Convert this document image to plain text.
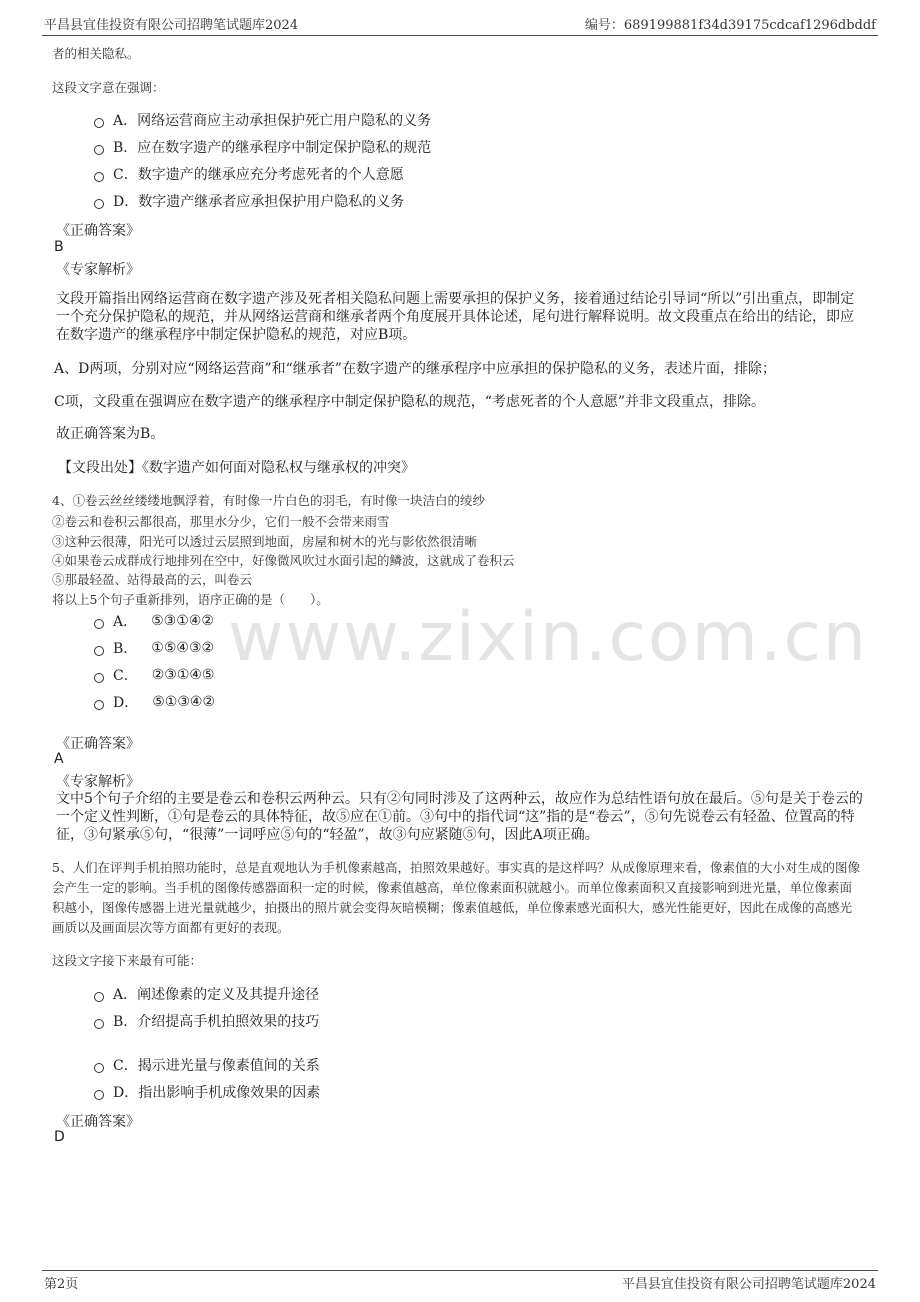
www.zixin.com.cn
平昌县宜佳投资有限公司招聘笔试题库2024	编号：689199881f34d39175cdcaf1296dbddf
者的相关隐私。
这段文字意在强调：
A． 网络运营商应主动承担保护死亡用户隐私的义务
B． 应在数字遗产的继承程序中制定保护隐私的规范
C． 数字遗产的继承应充分考虑死者的个人意愿
D． 数字遗产继承者应承担保护用户隐私的义务
《正确答案》
B
《专家解析》
文段开篇指出网络运营商在数字遗产涉及死者相关隐私问题上需要承担的保护义务，接着通过结论引导词“所以”引出重点，即制定一个充分保护隐私的规范，并从网络运营商和继承者两个角度展开具体论述，尾句进行解释说明。故文段重点在给出的结论，即应在数字遗产的继承程序中制定保护隐私的规范，对应B项。
A、D两项，分别对应“网络运营商”和“继承者”在数字遗产的继承程序中应承担的保护隐私的义务，表述片面，排除；
C项，文段重在强调应在数字遗产的继承程序中制定保护隐私的规范，“考虑死者的个人意愿”并非文段重点，排除。
故正确答案为B。
【文段出处】《数字遗产如何面对隐私权与继承权的冲突》
4、①卷云丝丝缕缕地飘浮着，有时像一片白色的羽毛，有时像一块洁白的绫纱
②卷云和卷积云都很高，那里水分少，它们一般不会带来雨雪
③这种云很薄，阳光可以透过云层照到地面，房屋和树木的光与影依然很清晰
④如果卷云成群成行地排列在空中，好像微风吹过水面引起的鳞波，这就成了卷积云
⑤那最轻盈、站得最高的云，叫卷云
将以上5个句子重新排列，语序正确的是（　　）。
A． ⑤③①④②
B． ①⑤④③②
C． ②③①④⑤
D． ⑤①③④②
《正确答案》
A
《专家解析》
文中5个句子介绍的主要是卷云和卷积云两种云。只有②句同时涉及了这两种云，故应作为总结性语句放在最后。⑤句是关于卷云的一个定义性判断，①句是卷云的具体特征，故⑤应在①前。③句中的指代词“这”指的是“卷云”，⑤句先说卷云有轻盈、位置高的特征，③句紧承⑤句，“很薄”一词呼应⑤句的“轻盈”，故③句应紧随⑤句，因此A项正确。
5、人们在评判手机拍照功能时，总是直观地认为手机像素越高，拍照效果越好。事实真的是这样吗？从成像原理来看，像素值的大小对生成的图像会产生一定的影响。当手机的图像传感器面积一定的时候，像素值越高，单位像素面积就越小。而单位像素面积又直接影响到进光量，单位像素面积越小，图像传感器上进光量就越少，拍摄出的照片就会变得灰暗模糊；像素值越低，单位像素感光面积大，感光性能更好，因此在成像的高感光画质以及画面层次等方面都有更好的表现。
这段文字接下来最有可能：
A． 阐述像素的定义及其提升途径
B． 介绍提高手机拍照效果的技巧
C． 揭示进光量与像素值间的关系
D． 指出影响手机成像效果的因素
《正确答案》
D
第2页	平昌县宜佳投资有限公司招聘笔试题库2024
